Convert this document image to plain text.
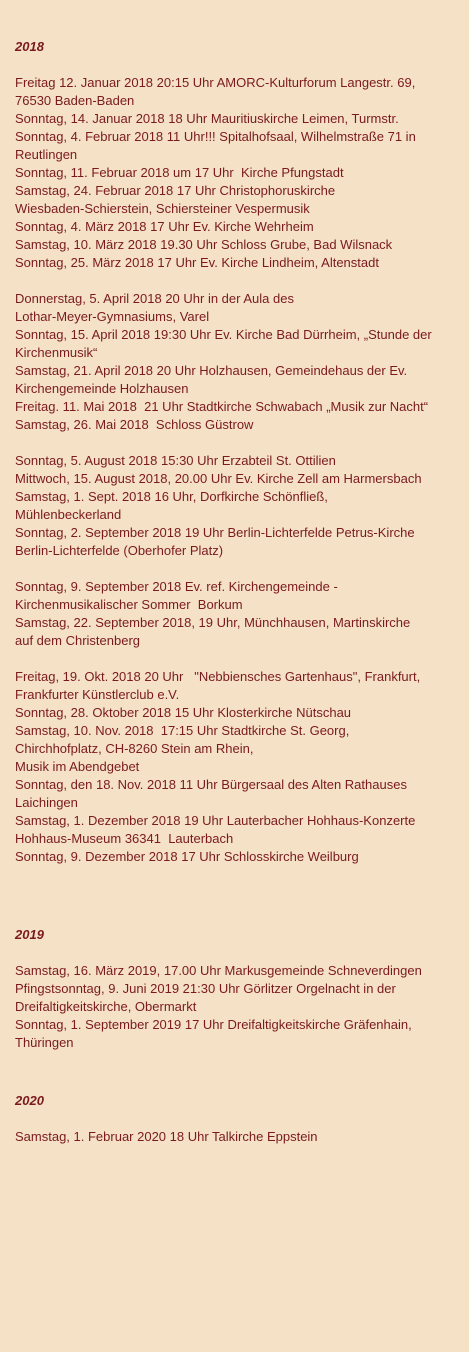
2018
Freitag 12. Januar 2018 20:15 Uhr AMORC-Kulturforum Langestr. 69,
76530 Baden-Baden
Sonntag, 14. Januar 2018 18 Uhr Mauritiuskirche Leimen, Turmstr.
Sonntag, 4. Februar 2018 11 Uhr!!! Spitalhofsaal, Wilhelmstraße 71 in
Reutlingen
Sonntag, 11. Februar 2018 um 17 Uhr  Kirche Pfungstadt
Samstag, 24. Februar 2018 17 Uhr Christophoruskirche
Wiesbaden-Schierstein, Schiersteiner Vespermusik
Sonntag, 4. März 2018 17 Uhr Ev. Kirche Wehrheim
Samstag, 10. März 2018 19.30 Uhr Schloss Grube, Bad Wilsnack
Sonntag, 25. März 2018 17 Uhr Ev. Kirche Lindheim, Altenstadt
Donnerstag, 5. April 2018 20 Uhr in der Aula des
Lothar-Meyer-Gymnasiums, Varel
Sonntag, 15. April 2018 19:30 Uhr Ev. Kirche Bad Dürrheim, „Stunde der
Kirchenmusik“
Samstag, 21. April 2018 20 Uhr Holzhausen, Gemeindehaus der Ev.
Kirchengemeinde Holzhausen
Freitag. 11. Mai 2018  21 Uhr Stadtkirche Schwabach „Musik zur Nacht“
Samstag, 26. Mai 2018  Schloss Güstrow
Sonntag, 5. August 2018 15:30 Uhr Erzabteil St. Ottilien
Mittwoch, 15. August 2018, 20.00 Uhr Ev. Kirche Zell am Harmersbach
Samstag, 1. Sept. 2018 16 Uhr, Dorfkirche Schönfließ,
Mühlenbeckerland
Sonntag, 2. September 2018 19 Uhr Berlin-Lichterfelde Petrus-Kirche
Berlin-Lichterfelde (Oberhofer Platz)
Sonntag, 9. September 2018 Ev. ref. Kirchengemeinde -
Kirchenmusikalischer Sommer  Borkum
Samstag, 22. September 2018, 19 Uhr, Münchhausen, Martinskirche
auf dem Christenberg
Freitag, 19. Okt. 2018 20 Uhr   "Nebbiensches Gartenhaus", Frankfurt,
Frankfurter Künstlerclub e.V.
Sonntag, 28. Oktober 2018 15 Uhr Klosterkirche Nütschau
Samstag, 10. Nov. 2018  17:15 Uhr Stadtkirche St. Georg,
Chirchhofplatz, CH-8260 Stein am Rhein,
Musik im Abendgebet
Sonntag, den 18. Nov. 2018 11 Uhr Bürgersaal des Alten Rathauses
Laichingen
Samstag, 1. Dezember 2018 19 Uhr Lauterbacher Hohhaus-Konzerte
Hohhaus-Museum 36341  Lauterbach
Sonntag, 9. Dezember 2018 17 Uhr Schlosskirche Weilburg
2019
Samstag, 16. März 2019, 17.00 Uhr Markusgemeinde Schneverdingen
Pfingstsonntag, 9. Juni 2019 21:30 Uhr Görlitzer Orgelnacht in der
Dreifaltigkeitskirche, Obermarkt
Sonntag, 1. September 2019 17 Uhr Dreifaltigkeitskirche Gräfenhain,
Thüringen
2020
Samstag, 1. Februar 2020 18 Uhr Talkirche Eppstein
